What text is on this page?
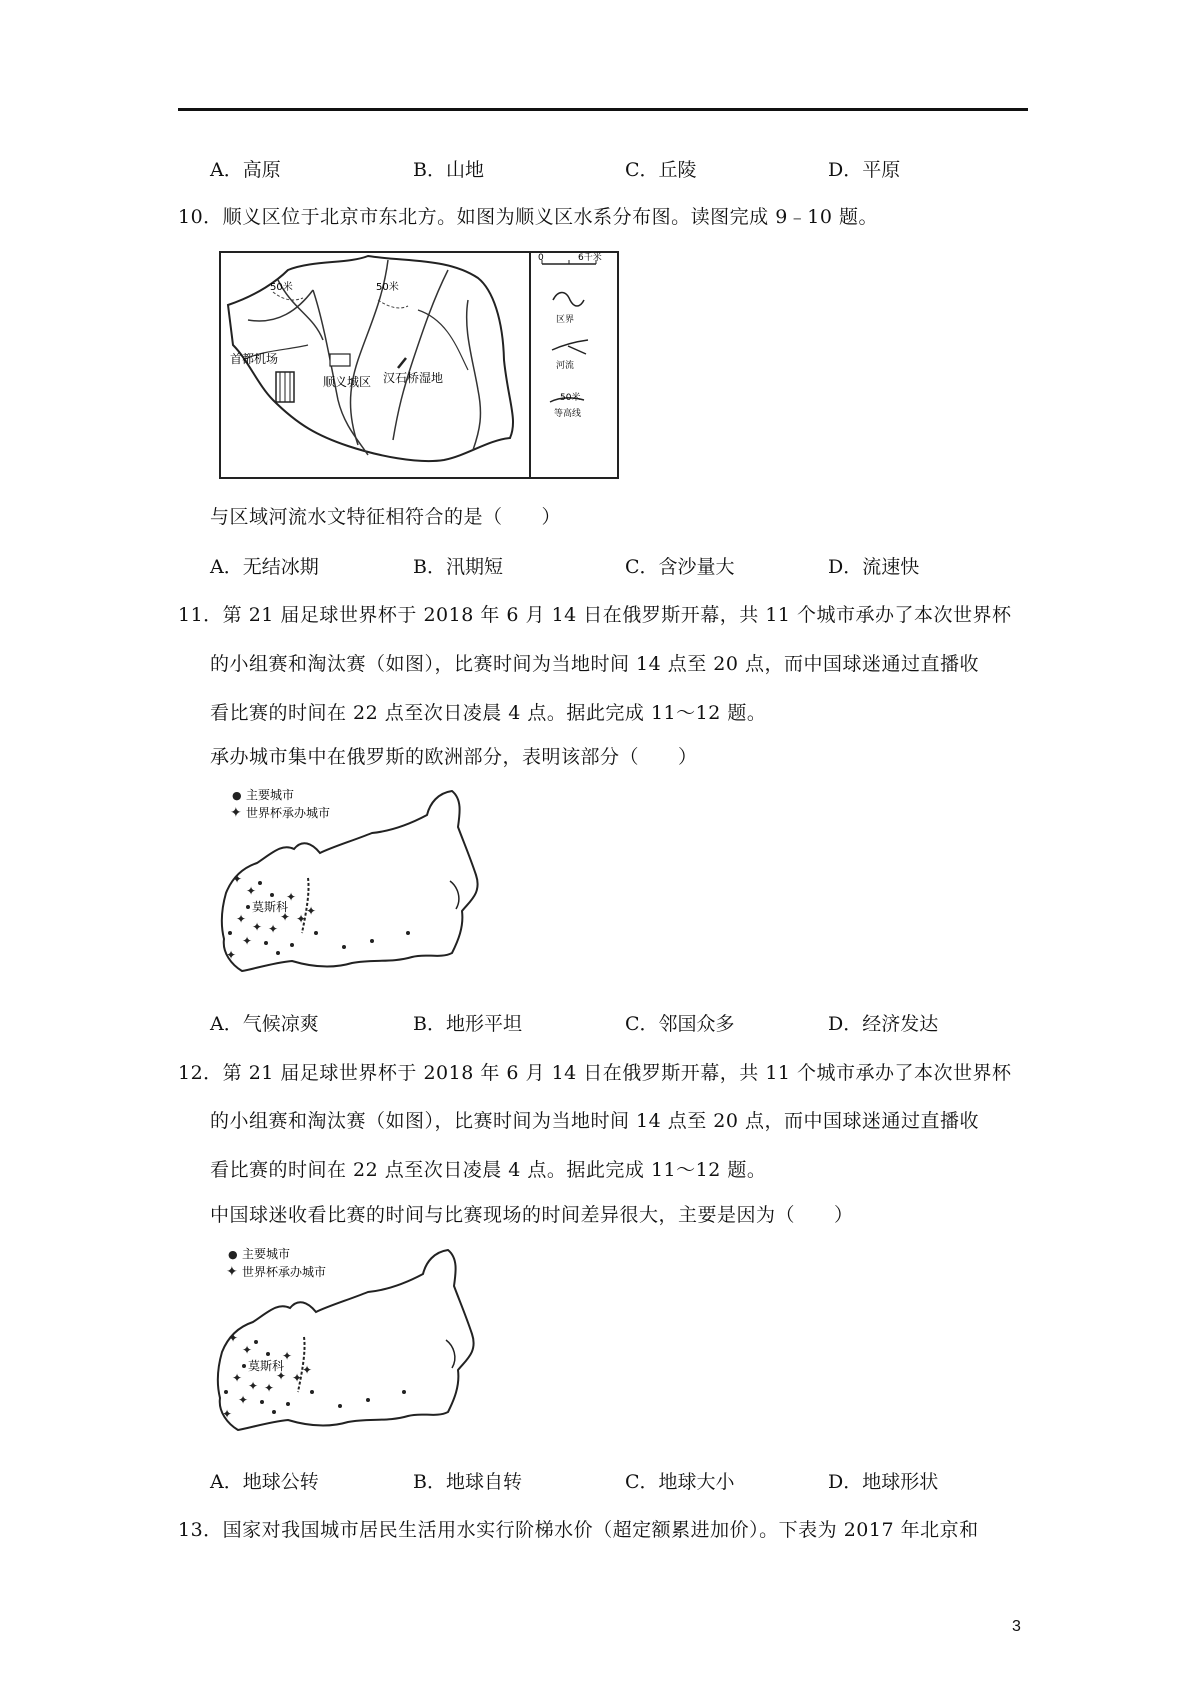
A．高原	B．山地	C．丘陵	D．平原
10．顺义区位于北京市东北方。如图为顺义区水系分布图。读图完成 9﹣10 题。
首都机场
顺义城区 汉石桥湿地
50米	50米
0	6千米
区界
河流
50米
等高线
与区域河流水文特征相符合的是（　　）
A．无结冰期	B．汛期短	C．含沙量大	D．流速快
11．第 21 届足球世界杯于 2018 年 6 月 14 日在俄罗斯开幕，共 11 个城市承办了本次世界杯
的小组赛和淘汰赛（如图），比赛时间为当地时间 14 点至 20 点，而中国球迷通过直播收
看比赛的时间在 22 点至次日凌晨 4 点。据此完成 11～12 题。
承办城市集中在俄罗斯的欧洲部分，表明该部分（　　）
● 主要城市
✦ 世界杯承办城市
莫斯科
✦
✦
✦
✦ ✦
✦
✦
✦ ✦
✦
✦
A．气候凉爽	B．地形平坦	C．邻国众多	D．经济发达
12．第 21 届足球世界杯于 2018 年 6 月 14 日在俄罗斯开幕，共 11 个城市承办了本次世界杯
的小组赛和淘汰赛（如图），比赛时间为当地时间 14 点至 20 点，而中国球迷通过直播收
看比赛的时间在 22 点至次日凌晨 4 点。据此完成 11～12 题。
中国球迷收看比赛的时间与比赛现场的时间差异很大，主要是因为（　　）
● 主要城市
✦ 世界杯承办城市
莫斯科
✦
✦
✦
✦ ✦
✦
✦
✦ ✦
✦
✦
A．地球公转	B．地球自转	C．地球大小	D．地球形状
13．国家对我国城市居民生活用水实行阶梯水价（超定额累进加价）。下表为 2017 年北京和
3
